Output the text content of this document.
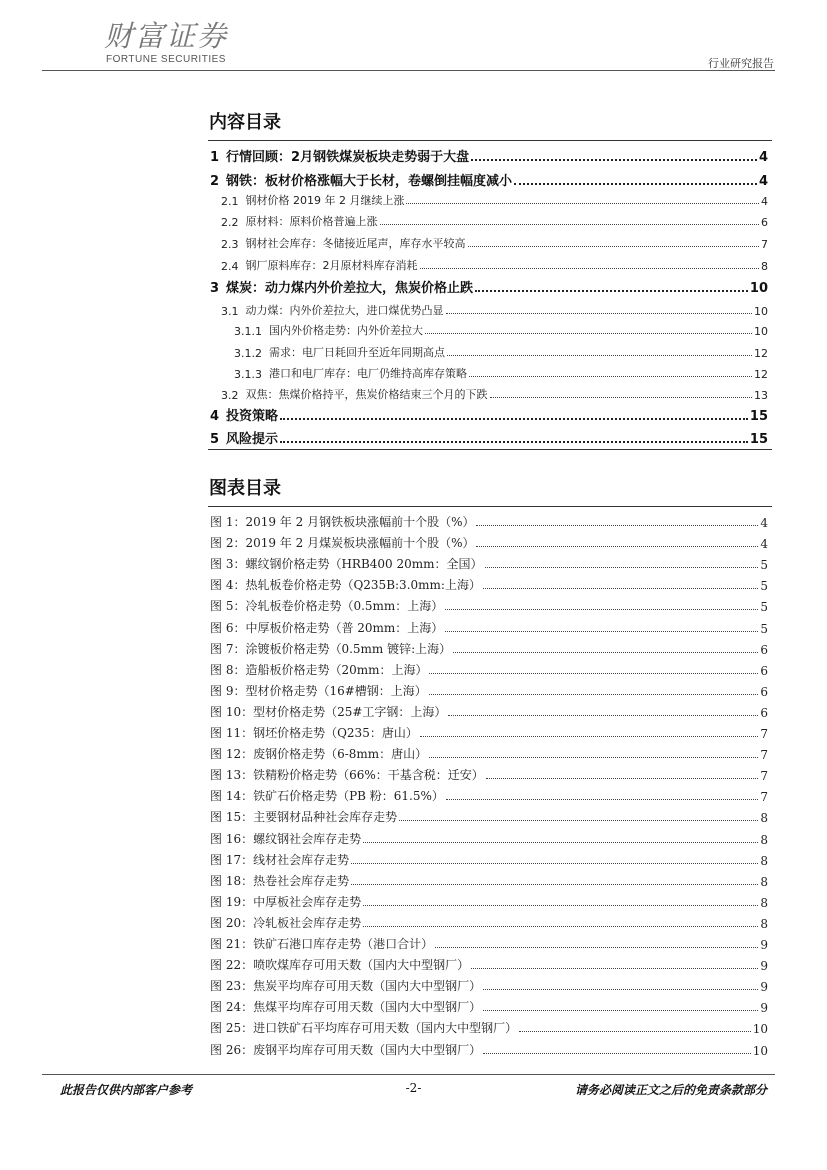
财富证券
FORTUNE SECURITIES	行业研究报告
内容目录
1 行情回顾：2月钢铁煤炭板块走势弱于大盘	4
2 钢铁：板材价格涨幅大于长材，卷螺倒挂幅度减小	4
2.1 钢材价格 2019 年 2 月继续上涨	4
2.2 原材料：原料价格普遍上涨	6
2.3 钢材社会库存：冬储接近尾声，库存水平较高	7
2.4 钢厂原料库存：2月原材料库存消耗	8
3 煤炭：动力煤内外价差拉大，焦炭价格止跌	10
3.1 动力煤：内外价差拉大，进口煤优势凸显	10
3.1.1 国内外价格走势：内外价差拉大	10
3.1.2 需求：电厂日耗回升至近年同期高点	12
3.1.3 港口和电厂库存：电厂仍维持高库存策略	12
3.2 双焦：焦煤价格持平，焦炭价格结束三个月的下跌	13
4 投资策略	15
5 风险提示	15
图表目录
图 1：2019 年 2 月钢铁板块涨幅前十个股（%）	4
图 2：2019 年 2 月煤炭板块涨幅前十个股（%）	4
图 3：螺纹钢价格走势（HRB400 20mm：全国）	5
图 4：热轧板卷价格走势（Q235B:3.0mm:上海）	5
图 5：冷轧板卷价格走势（0.5mm：上海）	5
图 6：中厚板价格走势（普 20mm：上海）	5
图 7：涂镀板价格走势（0.5mm 镀锌:上海）	6
图 8：造船板价格走势（20mm：上海）	6
图 9：型材价格走势（16#槽钢：上海）	6
图 10：型材价格走势（25#工字钢：上海）	6
图 11：钢坯价格走势（Q235：唐山）	7
图 12：废钢价格走势（6-8mm：唐山）	7
图 13：铁精粉价格走势（66%：干基含税：迁安）	7
图 14：铁矿石价格走势（PB 粉：61.5%）	7
图 15：主要钢材品种社会库存走势	8
图 16：螺纹钢社会库存走势	8
图 17：线材社会库存走势	8
图 18：热卷社会库存走势	8
图 19：中厚板社会库存走势	8
图 20：冷轧板社会库存走势	8
图 21：铁矿石港口库存走势（港口合计）	9
图 22：喷吹煤库存可用天数（国内大中型钢厂）	9
图 23：焦炭平均库存可用天数（国内大中型钢厂）	9
图 24：焦煤平均库存可用天数（国内大中型钢厂）	9
图 25：进口铁矿石平均库存可用天数（国内大中型钢厂）	10
图 26：废钢平均库存可用天数（国内大中型钢厂）	10
此报告仅供内部客户参考	-2-	请务必阅读正文之后的免责条款部分
